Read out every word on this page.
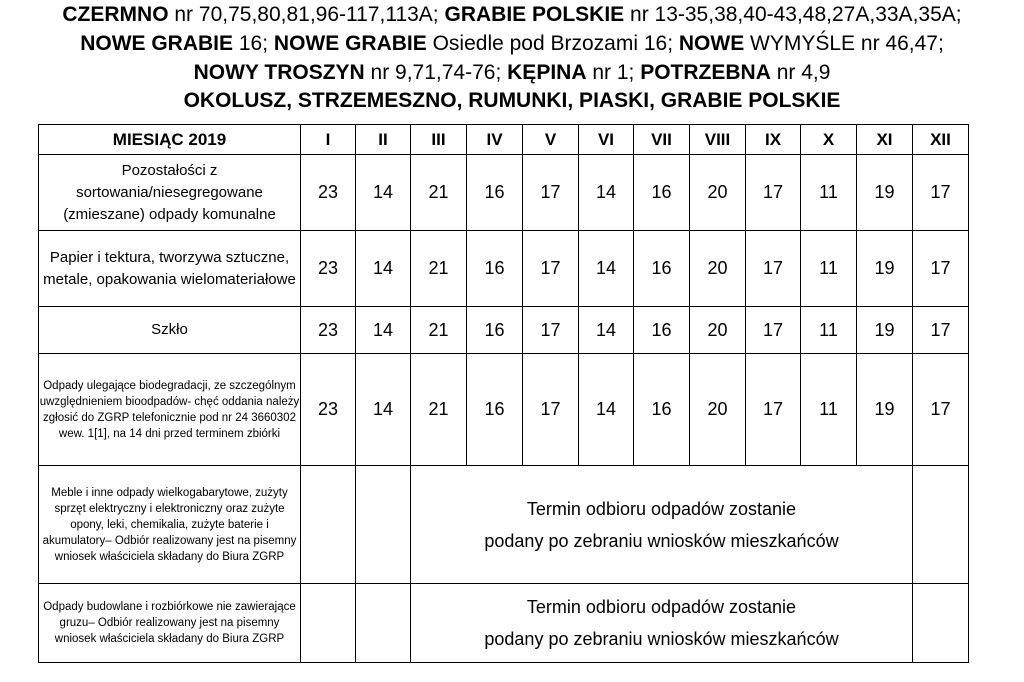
CZERMNO nr 70,75,80,81,96-117,113A; GRABIE POLSKIE nr 13-35,38,40-43,48,27A,33A,35A;
NOWE GRABIE 16; NOWE GRABIE Osiedle pod Brzozami 16; NOWE WYMYŚLE nr 46,47;
NOWY TROSZYN nr 9,71,74-76; KĘPINA nr 1; POTRZEBNA nr 4,9
OKOLUSZ, STRZEMESZNO, RUMUNKI, PIASKI, GRABIE POLSKIE
MIESIĄC 2019	I	II	III	IV	V	VI	VII	VIII	IX	X	XI	XII
Pozostałości z sortowania/niesegregowane (zmieszane) odpady komunalne	23	14	21	16	17	14	16	20	17	11	19	17
Papier i tektura, tworzywa sztuczne, metale, opakowania wielomateriałowe	23	14	21	16	17	14	16	20	17	11	19	17
Szkło	23	14	21	16	17	14	16	20	17	11	19	17
Odpady ulegające biodegradacji, ze szczególnym uwzględnieniem bioodpadów- chęć oddania należy zgłosić do ZGRP telefonicznie pod nr 24 3660302 wew. 1[1], na 14 dni przed terminem zbiórki	23	14	21	16	17	14	16	20	17	11	19	17
Meble i inne odpady wielkogabarytowe, zużyty sprzęt elektryczny i elektroniczny oraz zużyte opony, leki, chemikalia, zużyte baterie i akumulatory– Odbiór realizowany jest na pisemny wniosek właściciela składany do Biura ZGRP			Termin odbioru odpadów zostanie
podany po zebraniu wniosków mieszkańców									

Odpady budowlane i rozbiórkowe nie zawierające gruzu– Odbiór realizowany jest na pisemny wniosek właściciela składany do Biura ZGRP			Termin odbioru odpadów zostanie
podany po zebraniu wniosków mieszkańców									
